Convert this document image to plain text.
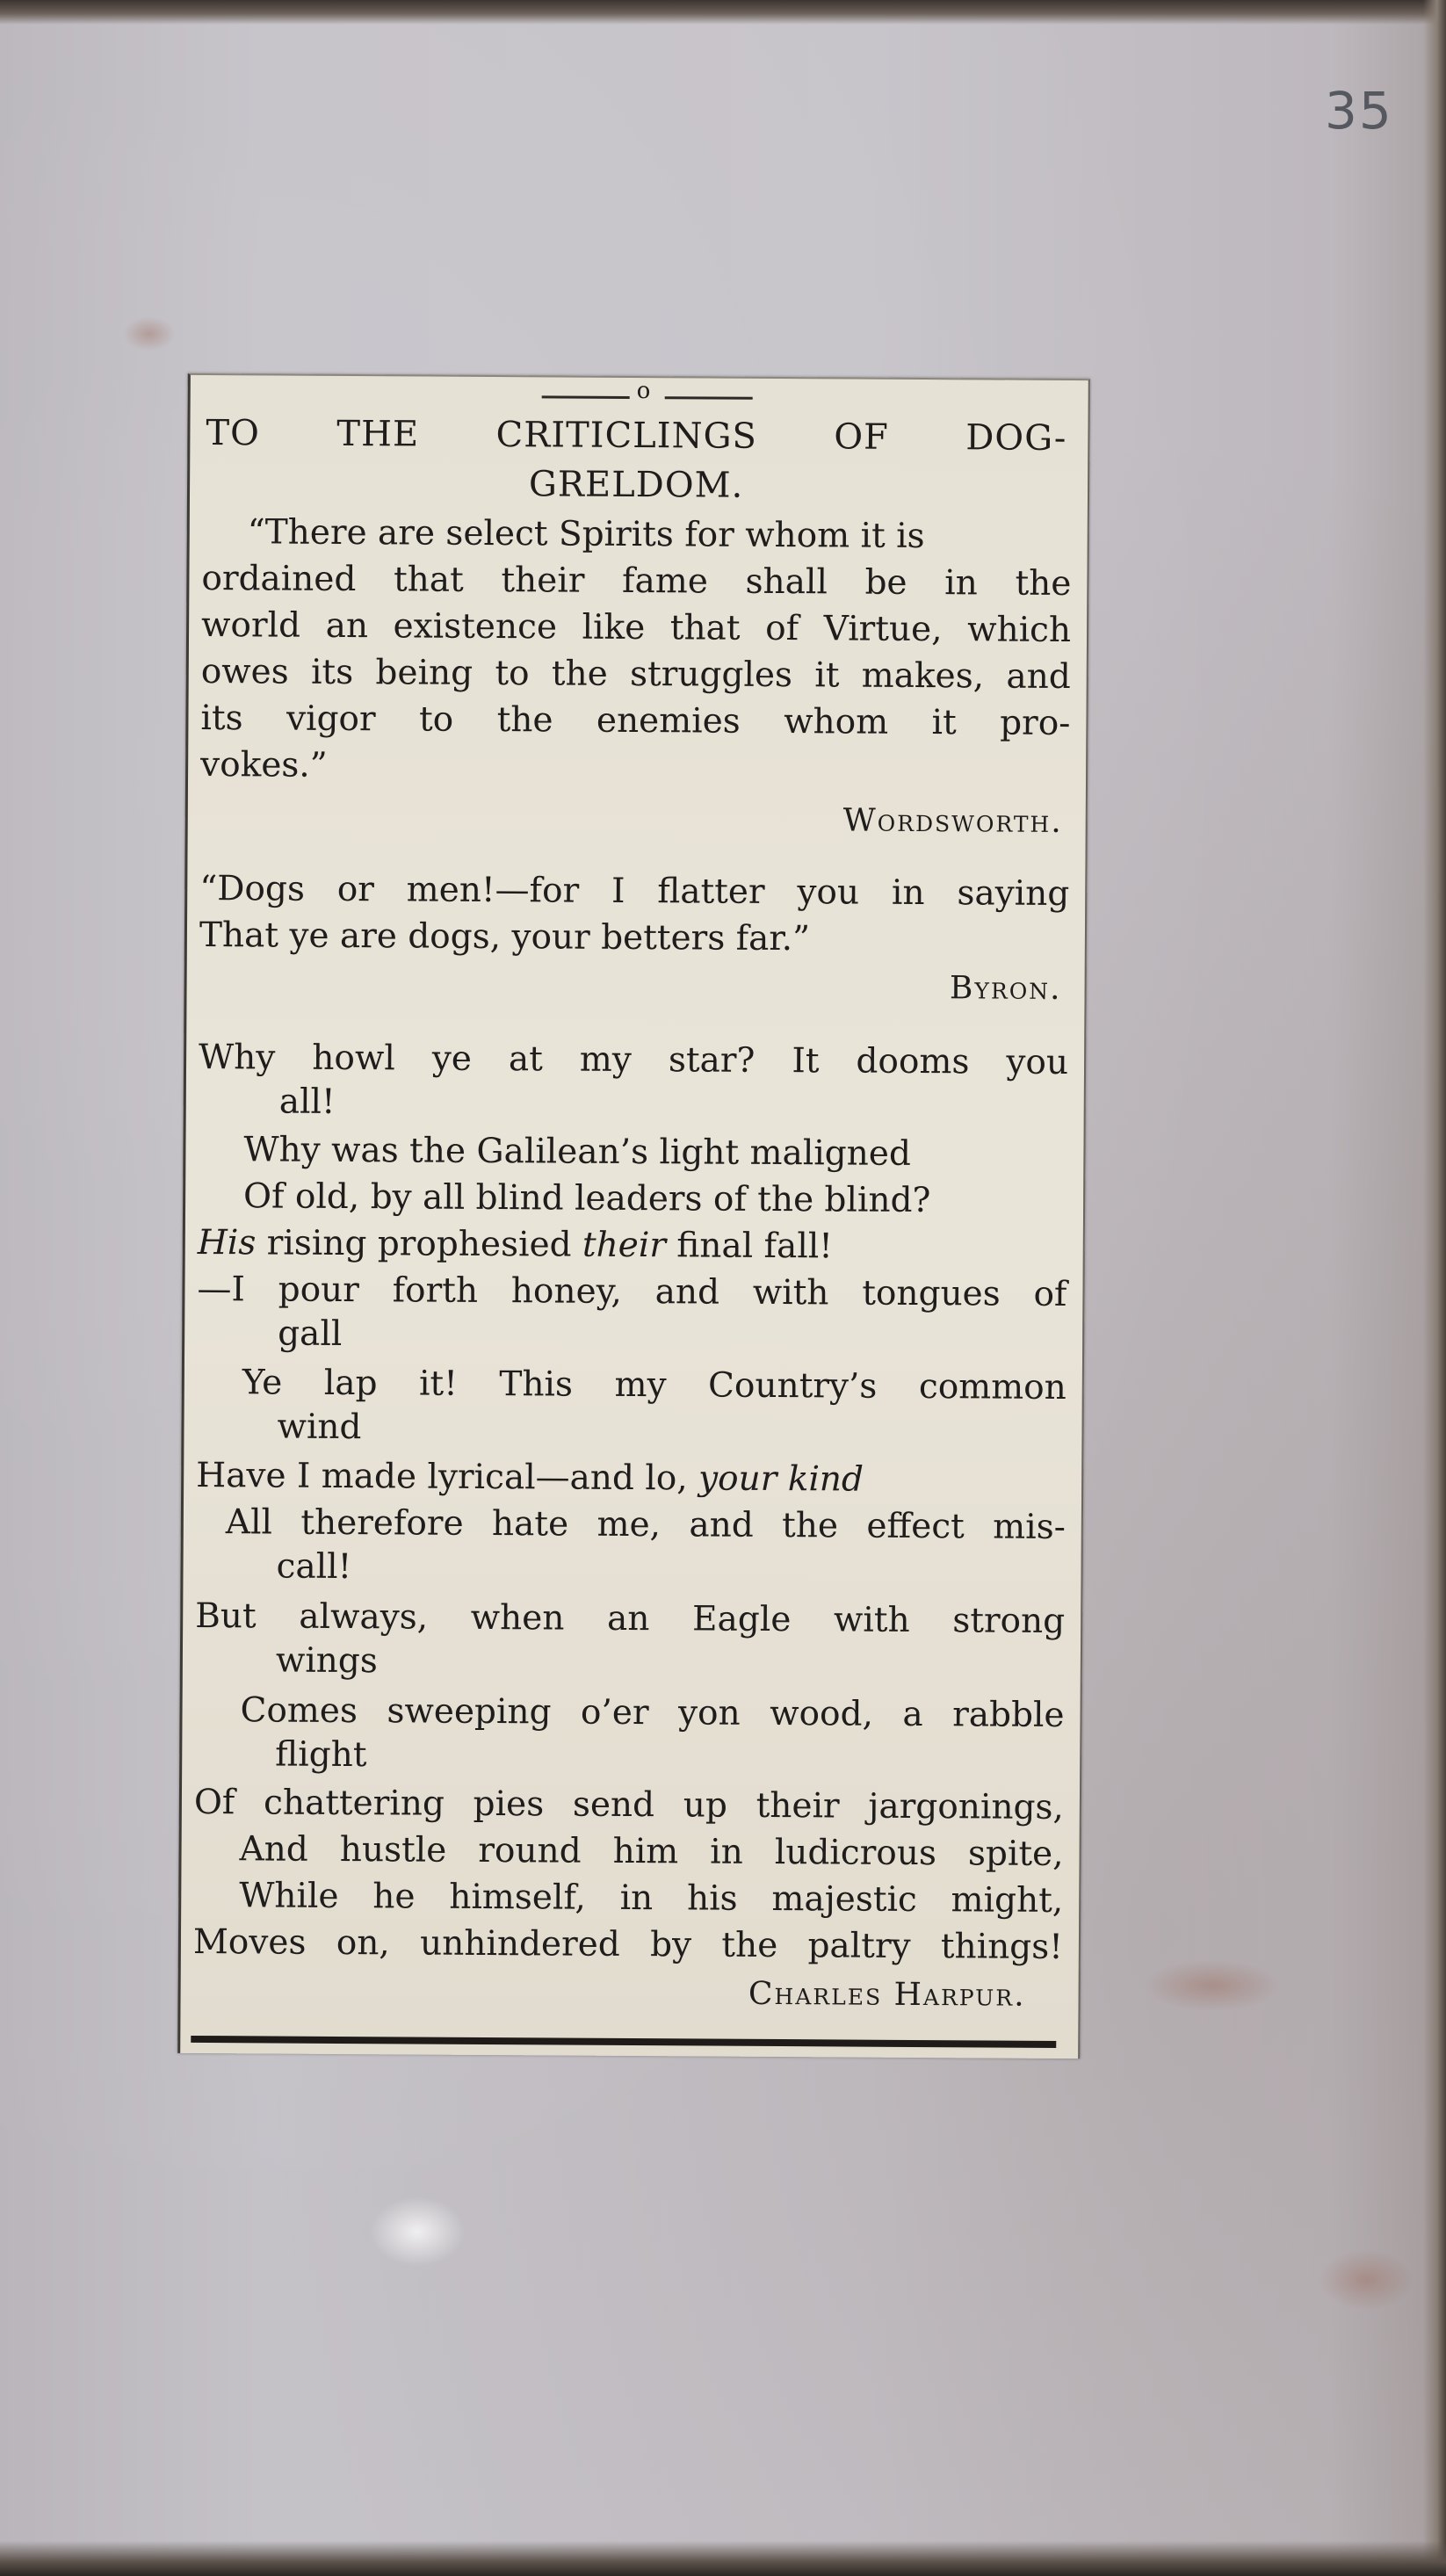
35
o
TO THE CRITICLINGS OF DOG-
GRELDOM.
“There are select Spirits for whom it is
ordained that their fame shall be in the
world an existence like that of Virtue, which
owes its being to the struggles it makes, and
its vigor to the enemies whom it pro-
vokes.”
Wordsworth.
“Dogs or men!—for I flatter you in saying
That ye are dogs, your betters far.”
Byron.
Why howl ye at my star? It dooms you
all!
Why was the Galilean’s light maligned
Of old, by all blind leaders of the blind?
His rising prophesied their final fall!
—I pour forth honey, and with tongues of
gall
Ye lap it! This my Country’s common
wind
Have I made lyrical—and lo, your kind
All therefore hate me, and the effect mis-
call!
But always, when an Eagle with strong
wings
Comes sweeping o’er yon wood, a rabble
flight
Of chattering pies send up their jargonings,
And hustle round him in ludicrous spite,
While he himself, in his majestic might,
Moves on, unhindered by the paltry things!
Charles Harpur.
